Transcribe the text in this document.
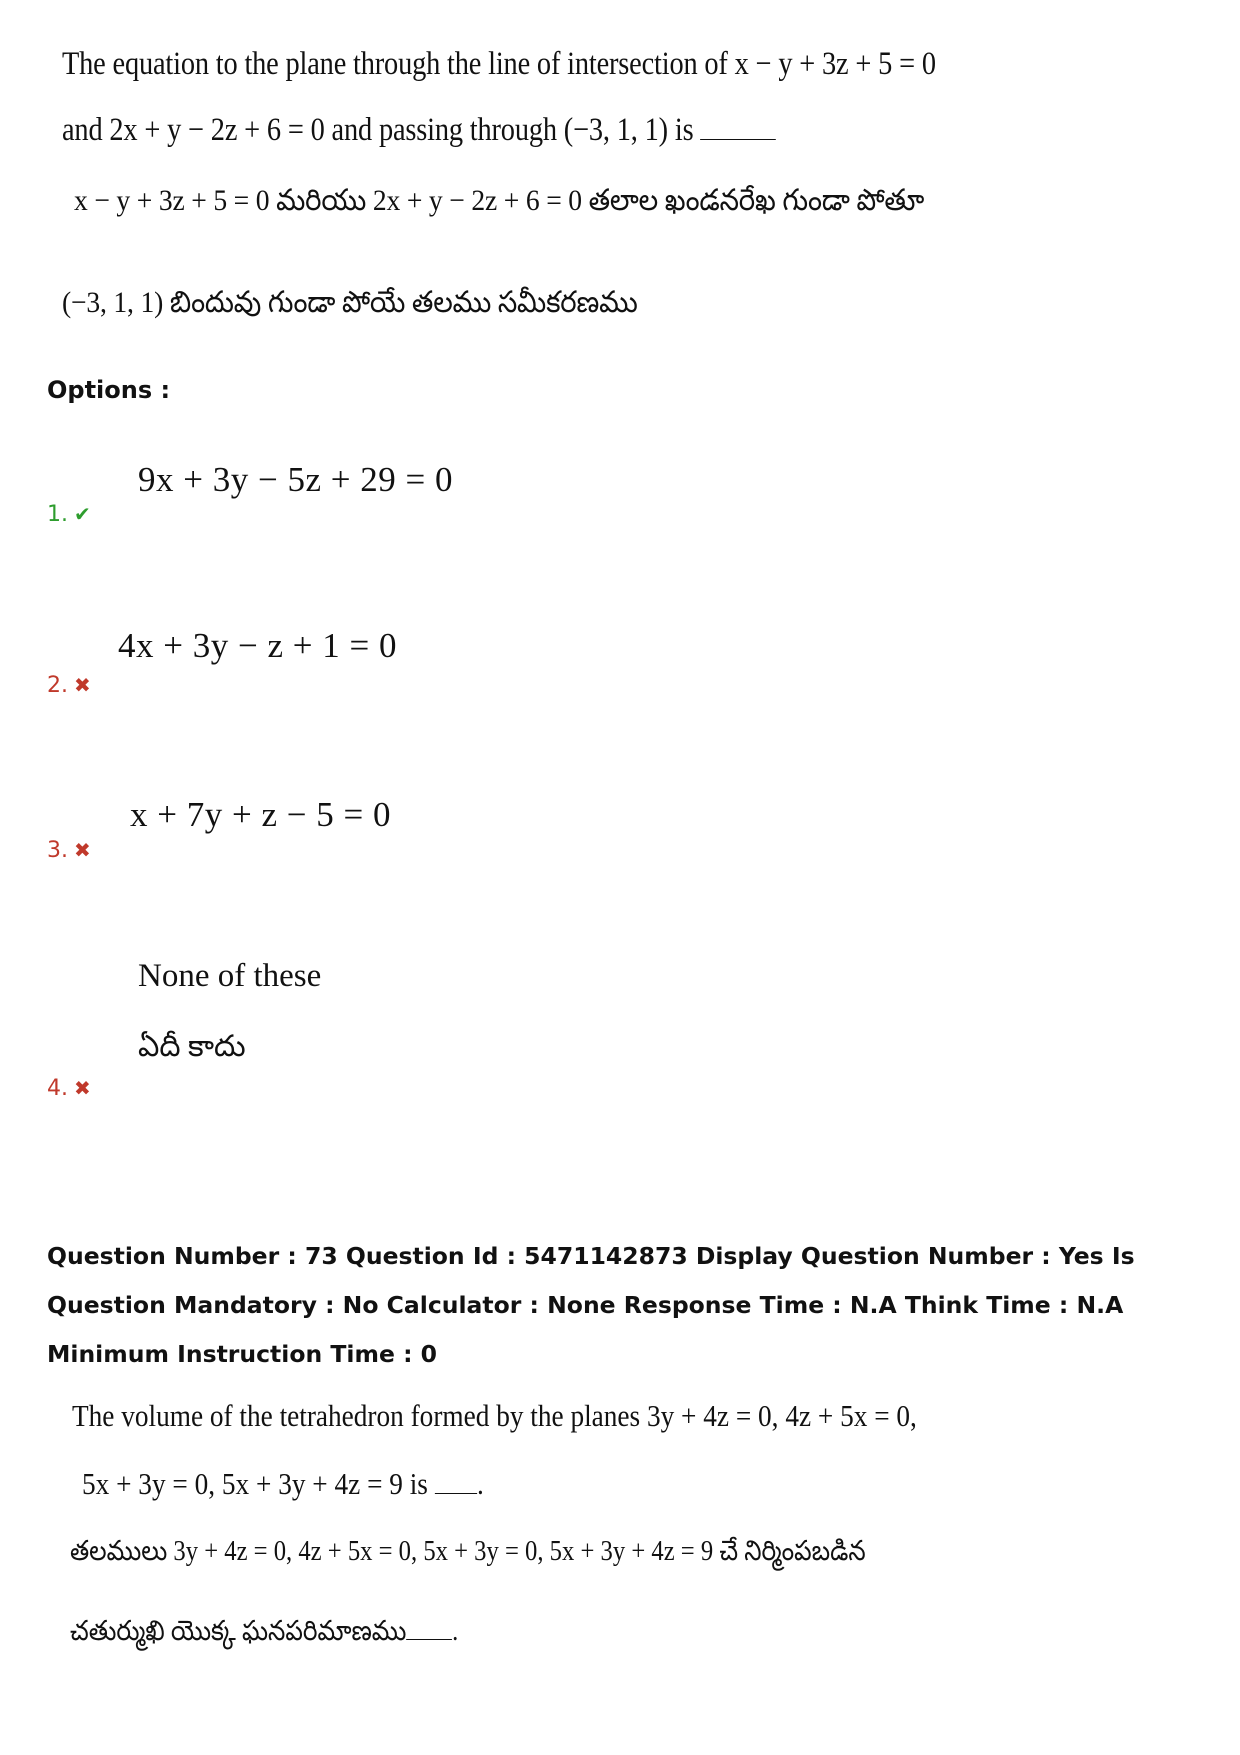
The equation to the plane through the line of intersection of x − y + 3z + 5 = 0
and 2x + y − 2z + 6 = 0 and passing through (−3, 1, 1) is
x − y + 3z + 5 = 0 మరియు 2x + y − 2z + 6 = 0 తలాల ఖండనరేఖ గుండా పోతూ
(−3, 1, 1) బిందువు గుండా పోయే తలము సమీకరణము
Options :
9x + 3y − 5z + 29 = 0
1. ✔
4x + 3y − z + 1 = 0
2. ✖
x + 7y + z − 5 = 0
3. ✖
None of these
ఏదీ కాదు
4. ✖
Question Number : 73 Question Id : 5471142873 Display Question Number : Yes Is Question Mandatory : No Calculator : None Response Time : N.A Think Time : N.A Minimum Instruction Time : 0
The volume of the tetrahedron formed by the planes 3y + 4z = 0, 4z + 5x = 0,
5x + 3y = 0, 5x + 3y + 4z = 9 is .
తలములు 3y + 4z = 0, 4z + 5x = 0, 5x + 3y = 0, 5x + 3y + 4z = 9 చే నిర్మింపబడిన
చతుర్ముఖి యొక్క ఘనపరిమాణము .
